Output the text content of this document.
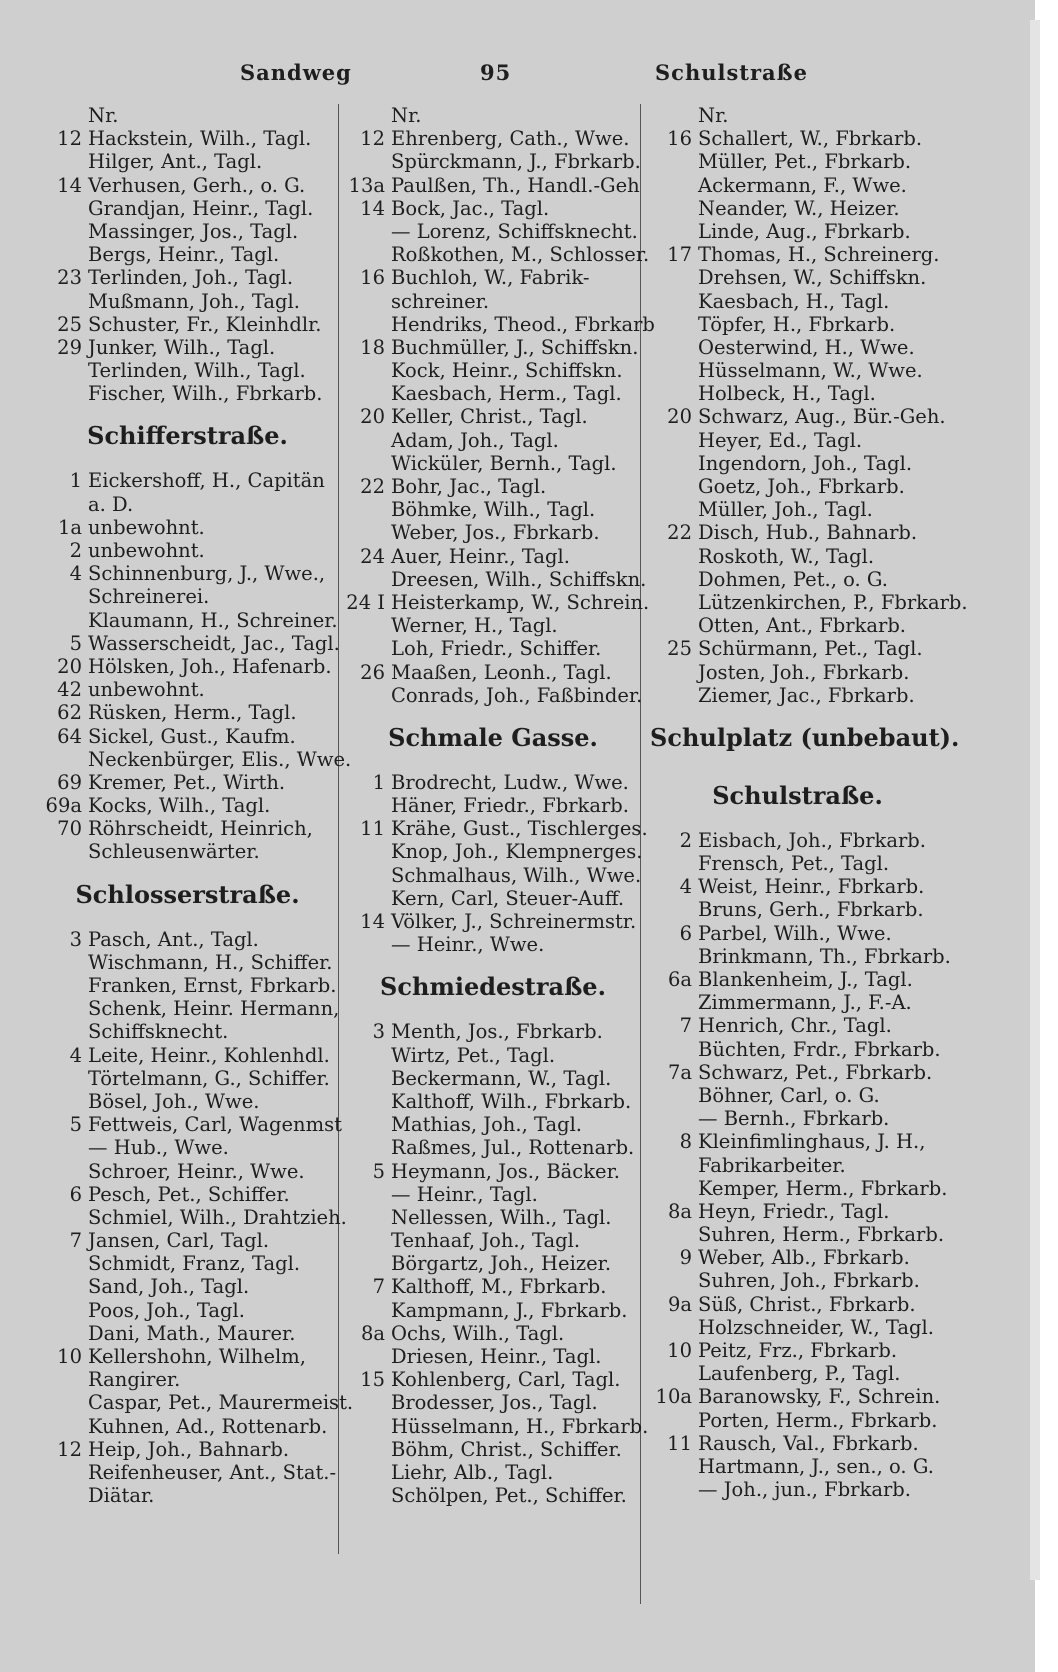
Sandweg	95	Schulstraße
Nr.
12 Hackstein, Wilh., Tagl.
Hilger, Ant., Tagl.
14 Verhusen, Gerh., o. G.
Grandjan, Heinr., Tagl.
Massinger, Jos., Tagl.
Bergs, Heinr., Tagl.
23 Terlinden, Joh., Tagl.
Mußmann, Joh., Tagl.
25 Schuster, Fr., Kleinhdlr.
29 Junker, Wilh., Tagl.
Terlinden, Wilh., Tagl.
Fischer, Wilh., Fbrkarb.
Schifferstraße.
1 Eickershoff, H., Capitän
a. D.
1a unbewohnt.
2 unbewohnt.
4 Schinnenburg, J., Wwe.,
Schreinerei.
Klaumann, H., Schreiner.
5 Wasserscheidt, Jac., Tagl.
20 Hölsken, Joh., Hafenarb.
42 unbewohnt.
62 Rüsken, Herm., Tagl.
64 Sickel, Gust., Kaufm.
Neckenbürger, Elis., Wwe.
69 Kremer, Pet., Wirth.
69a Kocks, Wilh., Tagl.
70 Röhrscheidt, Heinrich,
Schleusenwärter.
Schlosserstraße.
3 Pasch, Ant., Tagl.
Wischmann, H., Schiffer.
Franken, Ernst, Fbrkarb.
Schenk, Heinr. Hermann,
Schiffsknecht.
4 Leite, Heinr., Kohlenhdl.
Törtelmann, G., Schiffer.
Bösel, Joh., Wwe.
5 Fettweis, Carl, Wagenmst
— Hub., Wwe.
Schroer, Heinr., Wwe.
6 Pesch, Pet., Schiffer.
Schmiel, Wilh., Drahtzieh.
7 Jansen, Carl, Tagl.
Schmidt, Franz, Tagl.
Sand, Joh., Tagl.
Poos, Joh., Tagl.
Dani, Math., Maurer.
10 Kellershohn, Wilhelm,
Rangirer.
Caspar, Pet., Maurermeist.
Kuhnen, Ad., Rottenarb.
12 Heip, Joh., Bahnarb.
Reifenheuser, Ant., Stat.-
Diätar.
Nr.
12 Ehrenberg, Cath., Wwe.
Spürckmann, J., Fbrkarb.
13a Paulßen, Th., Handl.-Geh
14 Bock, Jac., Tagl.
— Lorenz, Schiffsknecht.
Roßkothen, M., Schlosser.
16 Buchloh, W., Fabrik-
schreiner.
Hendriks, Theod., Fbrkarb
18 Buchmüller, J., Schiffskn.
Kock, Heinr., Schiffskn.
Kaesbach, Herm., Tagl.
20 Keller, Christ., Tagl.
Adam, Joh., Tagl.
Wicküler, Bernh., Tagl.
22 Bohr, Jac., Tagl.
Böhmke, Wilh., Tagl.
Weber, Jos., Fbrkarb.
24 Auer, Heinr., Tagl.
Dreesen, Wilh., Schiffskn.
24 I Heisterkamp, W., Schrein.
Werner, H., Tagl.
Loh, Friedr., Schiffer.
26 Maaßen, Leonh., Tagl.
Conrads, Joh., Faßbinder.
Schmale Gasse.
1 Brodrecht, Ludw., Wwe.
Häner, Friedr., Fbrkarb.
11 Krähe, Gust., Tischlerges.
Knop, Joh., Klempnerges.
Schmalhaus, Wilh., Wwe.
Kern, Carl, Steuer-Auff.
14 Völker, J., Schreinermstr.
— Heinr., Wwe.
Schmiedestraße.
3 Menth, Jos., Fbrkarb.
Wirtz, Pet., Tagl.
Beckermann, W., Tagl.
Kalthoff, Wilh., Fbrkarb.
Mathias, Joh., Tagl.
Raßmes, Jul., Rottenarb.
5 Heymann, Jos., Bäcker.
— Heinr., Tagl.
Nellessen, Wilh., Tagl.
Tenhaaf, Joh., Tagl.
Börgartz, Joh., Heizer.
7 Kalthoff, M., Fbrkarb.
Kampmann, J., Fbrkarb.
8a Ochs, Wilh., Tagl.
Driesen, Heinr., Tagl.
15 Kohlenberg, Carl, Tagl.
Brodesser, Jos., Tagl.
Hüsselmann, H., Fbrkarb.
Böhm, Christ., Schiffer.
Liehr, Alb., Tagl.
Schölpen, Pet., Schiffer.
Nr.
16 Schallert, W., Fbrkarb.
Müller, Pet., Fbrkarb.
Ackermann, F., Wwe.
Neander, W., Heizer.
Linde, Aug., Fbrkarb.
17 Thomas, H., Schreinerg.
Drehsen, W., Schiffskn.
Kaesbach, H., Tagl.
Töpfer, H., Fbrkarb.
Oesterwind, H., Wwe.
Hüsselmann, W., Wwe.
Holbeck, H., Tagl.
20 Schwarz, Aug., Bür.-Geh.
Heyer, Ed., Tagl.
Ingendorn, Joh., Tagl.
Goetz, Joh., Fbrkarb.
Müller, Joh., Tagl.
22 Disch, Hub., Bahnarb.
Roskoth, W., Tagl.
Dohmen, Pet., o. G.
Lützenkirchen, P., Fbrkarb.
Otten, Ant., Fbrkarb.
25 Schürmann, Pet., Tagl.
Josten, Joh., Fbrkarb.
Ziemer, Jac., Fbrkarb.
Schulplatz (unbebaut).
Schulstraße.
2 Eisbach, Joh., Fbrkarb.
Frensch, Pet., Tagl.
4 Weist, Heinr., Fbrkarb.
Bruns, Gerh., Fbrkarb.
6 Parbel, Wilh., Wwe.
Brinkmann, Th., Fbrkarb.
6a Blankenheim, J., Tagl.
Zimmermann, J., F.-A.
7 Henrich, Chr., Tagl.
Büchten, Frdr., Fbrkarb.
7a Schwarz, Pet., Fbrkarb.
Böhner, Carl, o. G.
— Bernh., Fbrkarb.
8 Kleinfimlinghaus, J. H.,
Fabrikarbeiter.
Kemper, Herm., Fbrkarb.
8a Heyn, Friedr., Tagl.
Suhren, Herm., Fbrkarb.
9 Weber, Alb., Fbrkarb.
Suhren, Joh., Fbrkarb.
9a Süß, Christ., Fbrkarb.
Holzschneider, W., Tagl.
10 Peitz, Frz., Fbrkarb.
Laufenberg, P., Tagl.
10a Baranowsky, F., Schrein.
Porten, Herm., Fbrkarb.
11 Rausch, Val., Fbrkarb.
Hartmann, J., sen., o. G.
— Joh., jun., Fbrkarb.
